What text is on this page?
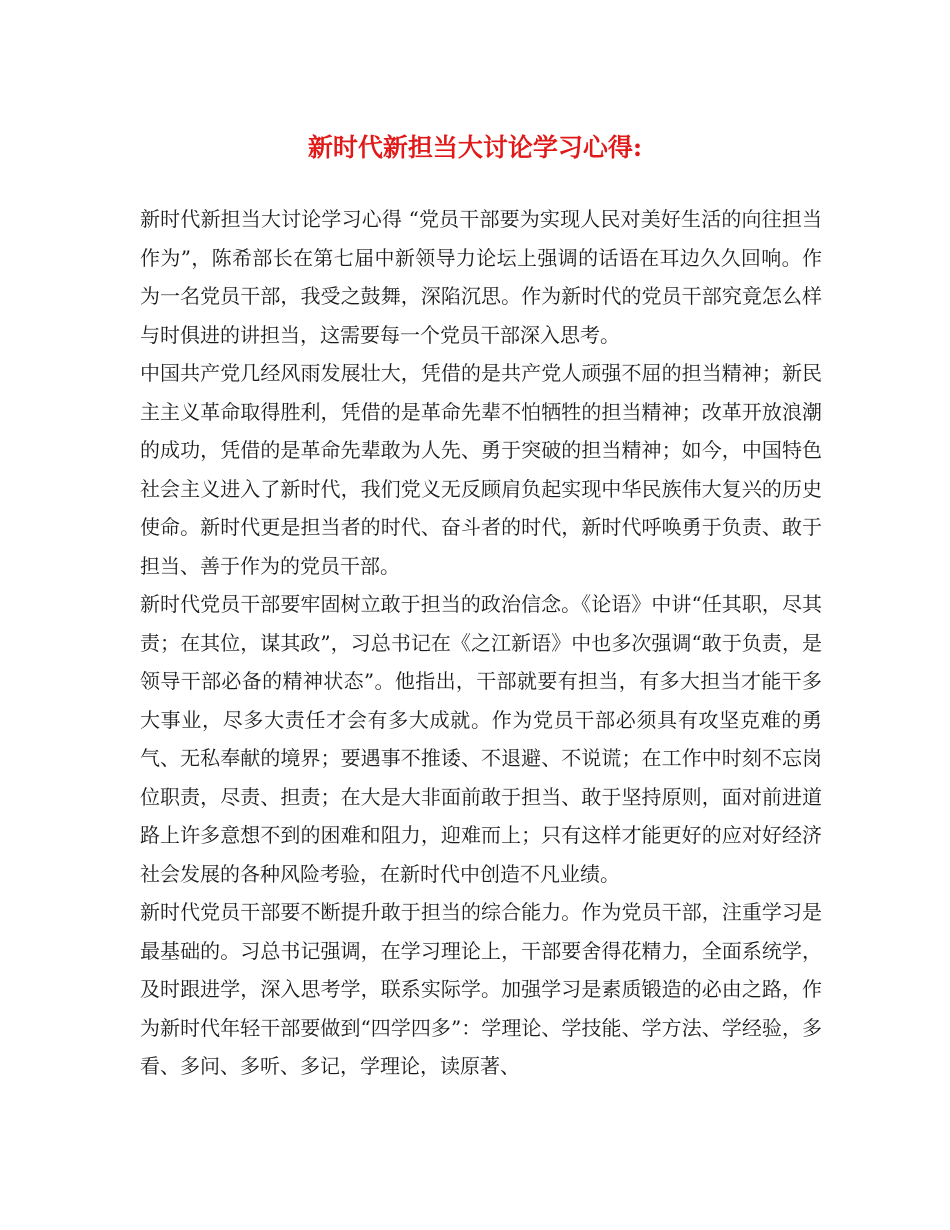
新时代新担当大讨论学习心得:

新时代新担当大讨论学习心得 “党员干部要为实现人民对美好生活的向往担当作为”，陈希部长在第七届中新领导力论坛上强调的话语在耳边久久回响。作为一名党员干部，我受之鼓舞，深陷沉思。作为新时代的党员干部究竟怎么样与时俱进的讲担当，这需要每一个党员干部深入思考。

中国共产党几经风雨发展壮大，凭借的是共产党人顽强不屈的担当精神；新民主主义革命取得胜利，凭借的是革命先辈不怕牺牲的担当精神；改革开放浪潮的成功，凭借的是革命先辈敢为人先、勇于突破的担当精神；如今，中国特色社会主义进入了新时代，我们党义无反顾肩负起实现中华民族伟大复兴的历史使命。新时代更是担当者的时代、奋斗者的时代，新时代呼唤勇于负责、敢于担当、善于作为的党员干部。

新时代党员干部要牢固树立敢于担当的政治信念。《论语》中讲“任其职，尽其责；在其位，谋其政”，习总书记在《之江新语》中也多次强调“敢于负责，是领导干部必备的精神状态”。他指出，干部就要有担当，有多大担当才能干多大事业，尽多大责任才会有多大成就。作为党员干部必须具有攻坚克难的勇气、无私奉献的境界；要遇事不推诿、不退避、不说谎；在工作中时刻不忘岗位职责，尽责、担责；在大是大非面前敢于担当、敢于坚持原则，面对前进道路上许多意想不到的困难和阻力，迎难而上；只有这样才能更好的应对好经济社会发展的各种风险考验，在新时代中创造不凡业绩。

新时代党员干部要不断提升敢于担当的综合能力。作为党员干部，注重学习是最基础的。习总书记强调，在学习理论上，干部要舍得花精力，全面系统学，及时跟进学，深入思考学，联系实际学。加强学习是素质锻造的必由之路，作为新时代年轻干部要做到“四学四多”：学理论、学技能、学方法、学经验，多看、多问、多听、多记，学理论，读原著、
